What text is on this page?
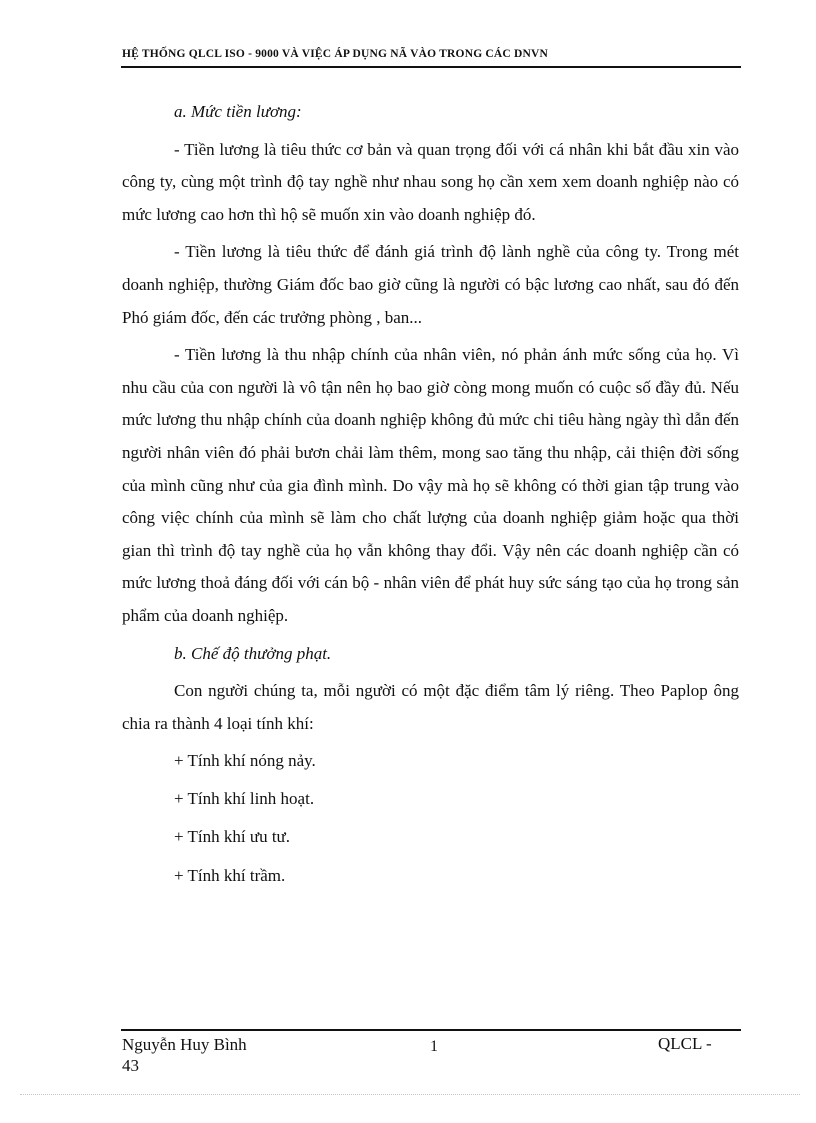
HỆ THỐNG QLCL ISO - 9000 VÀ VIỆC ÁP DỤNG NÃ VÀO TRONG CÁC DNVN

a. Mức tiền lương:

- Tiền lương là tiêu thức cơ bản và quan trọng đối với cá nhân khi bắt đầu xin vào công ty, cùng một trình độ tay nghề như nhau song họ cần xem xem doanh nghiệp nào có mức lương cao hơn thì hộ sẽ muốn xin vào doanh nghiệp đó.

- Tiền lương là tiêu thức để đánh giá trình độ lành nghề của công ty. Trong mét doanh nghiệp, thường Giám đốc bao giờ cũng là người có bậc lương cao nhất, sau đó đến Phó giám đốc, đến các trưởng phòng , ban...

- Tiền lương là thu nhập chính của nhân viên, nó phản ánh mức sống của họ. Vì nhu cầu của con người là vô tận nên họ bao giờ còng mong muốn có cuộc số đầy đủ. Nếu mức lương thu nhập chính của doanh nghiệp không đủ mức chi tiêu hàng ngày thì dẫn đến người nhân viên đó phải bươn chải làm thêm, mong sao tăng thu nhập, cải thiện đời sống của mình cũng như của gia đình mình. Do vậy mà họ sẽ không có thời gian tập trung vào công việc chính của mình sẽ làm cho chất lượng của doanh nghiệp giảm hoặc qua thời gian thì trình độ tay nghề của họ vẫn không thay đổi. Vậy nên các doanh nghiệp cần có mức lương thoả đáng đối với cán bộ - nhân viên để phát huy sức sáng tạo của họ trong sản phẩm của doanh nghiệp.

b. Chế độ thưởng phạt.

Con người chúng ta, mỗi người có một đặc điểm tâm lý riêng. Theo Paplop ông chia ra thành 4 loại tính khí:

+ Tính khí nóng nảy.

+ Tính khí linh hoạt.

+ Tính khí ưu tư.

+ Tính khí trầm.

Nguyễn Huy Bình
43
1	QLCL -
